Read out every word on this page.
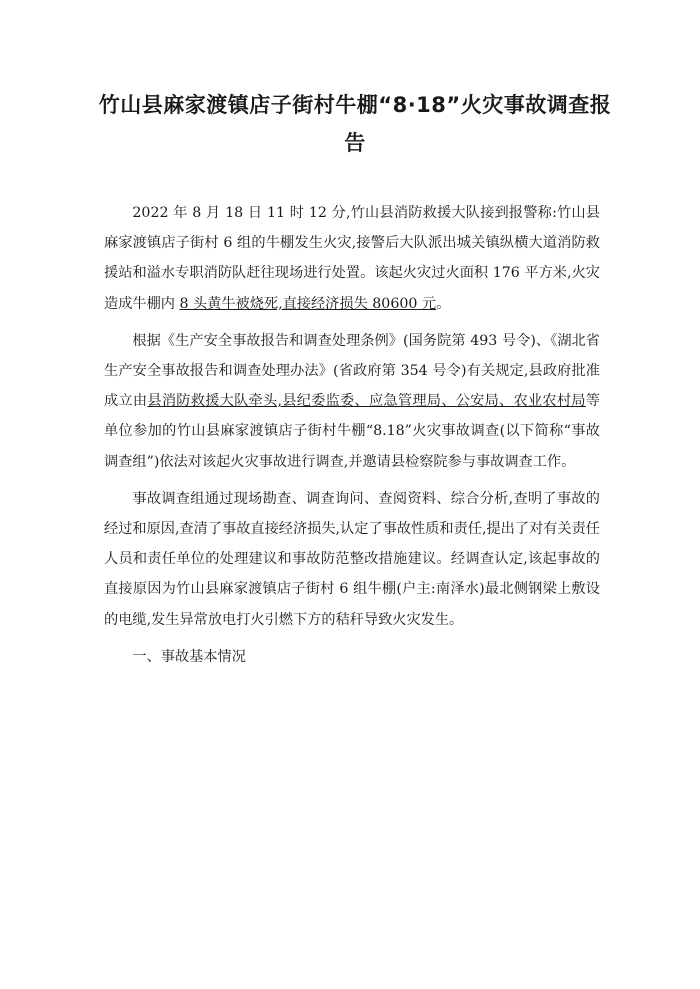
竹山县麻家渡镇店子街村牛棚“8·18”火灾事故调查报告

2022 年 8 月 18 日 11 时 12 分,竹山县消防救援大队接到报警称:竹山县麻家渡镇店子街村 6 组的牛棚发生火灾,接警后大队派出城关镇纵横大道消防救援站和溢水专职消防队赶往现场进行处置。该起火灾过火面积 176 平方米,火灾造成牛棚内 8 头黄牛被烧死,直接经济损失 80600 元。

根据《生产安全事故报告和调查处理条例》(国务院第 493 号令)、《湖北省生产安全事故报告和调查处理办法》(省政府第 354 号令)有关规定,县政府批准成立由县消防救援大队牵头,县纪委监委、应急管理局、公安局、农业农村局等单位参加的竹山县麻家渡镇店子街村牛棚“8.18”火灾事故调查(以下简称“事故调查组”)依法对该起火灾事故进行调查,并邀请县检察院参与事故调查工作。

事故调查组通过现场勘查、调查询问、查阅资料、综合分析,查明了事故的经过和原因,查清了事故直接经济损失,认定了事故性质和责任,提出了对有关责任人员和责任单位的处理建议和事故防范整改措施建议。经调查认定,该起事故的直接原因为竹山县麻家渡镇店子街村 6 组牛棚(户主:南泽水)最北侧钢梁上敷设的电缆,发生异常放电打火引燃下方的秸秆导致火灾发生。

一、事故基本情况
